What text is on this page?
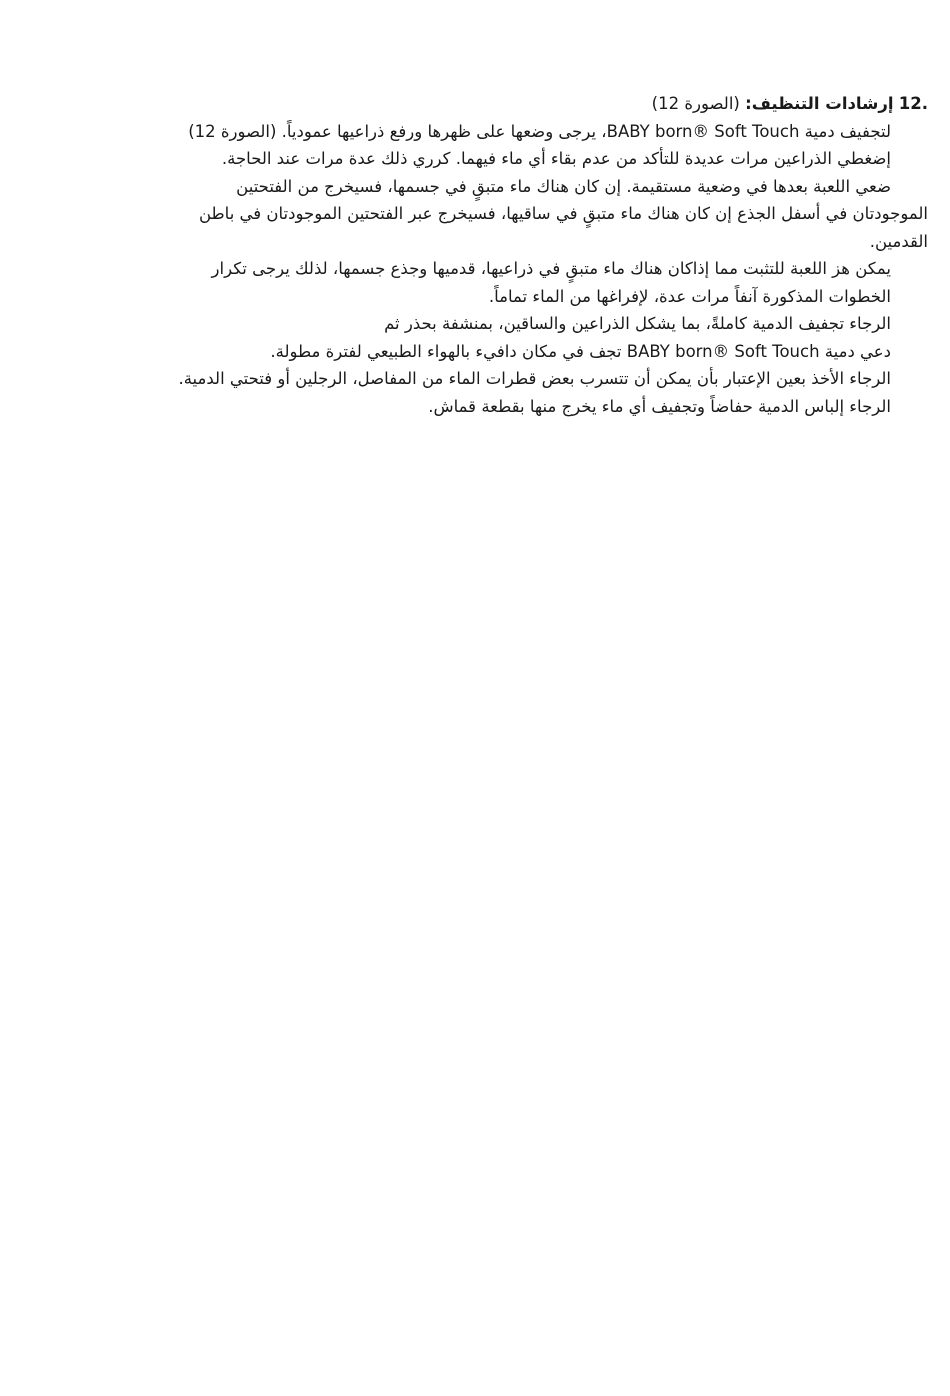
12. إرشادات التنظيف: (الصورة 12)

لتجفيف دمية BABY born® Soft Touch، يرجى وضعها على ظهرها ورفع ذراعيها عمودياً. (الصورة 12)
إضغطي الذراعين مرات عديدة للتأكد من عدم بقاء أي ماء فيهما. كرري ذلك عدة مرات عند الحاجة.
ضعي اللعبة بعدها في وضعية مستقيمة. إن كان هناك ماء متبقٍ في جسمها، فسيخرج من الفتحتين
الموجودتان في أسفل الجذع إن كان هناك ماء متبقٍ في ساقيها، فسيخرج عبر الفتحتين الموجودتان في باطن
القدمين.
يمكن هز اللعبة للتثبت مما إذاكان هناك ماء متبقٍ في ذراعيها، قدميها وجذع جسمها، لذلك يرجى تكرار
الخطوات المذكورة آنفاً مرات عدة، لإفراغها من الماء تماماً.
الرجاء تجفيف الدمية كاملةً، بما يشكل الذراعين والساقين، بمنشفة بحذر ثم
دعي دمية BABY born® Soft Touch تجف في مكان دافيء بالهواء الطبيعي لفترة مطولة.
الرجاء الأخذ بعين الإعتبار بأن يمكن أن تتسرب بعض قطرات الماء من المفاصل، الرجلين أو فتحتي الدمية.
الرجاء إلباس الدمية حفاضاً وتجفيف أي ماء يخرج منها بقطعة قماش.
